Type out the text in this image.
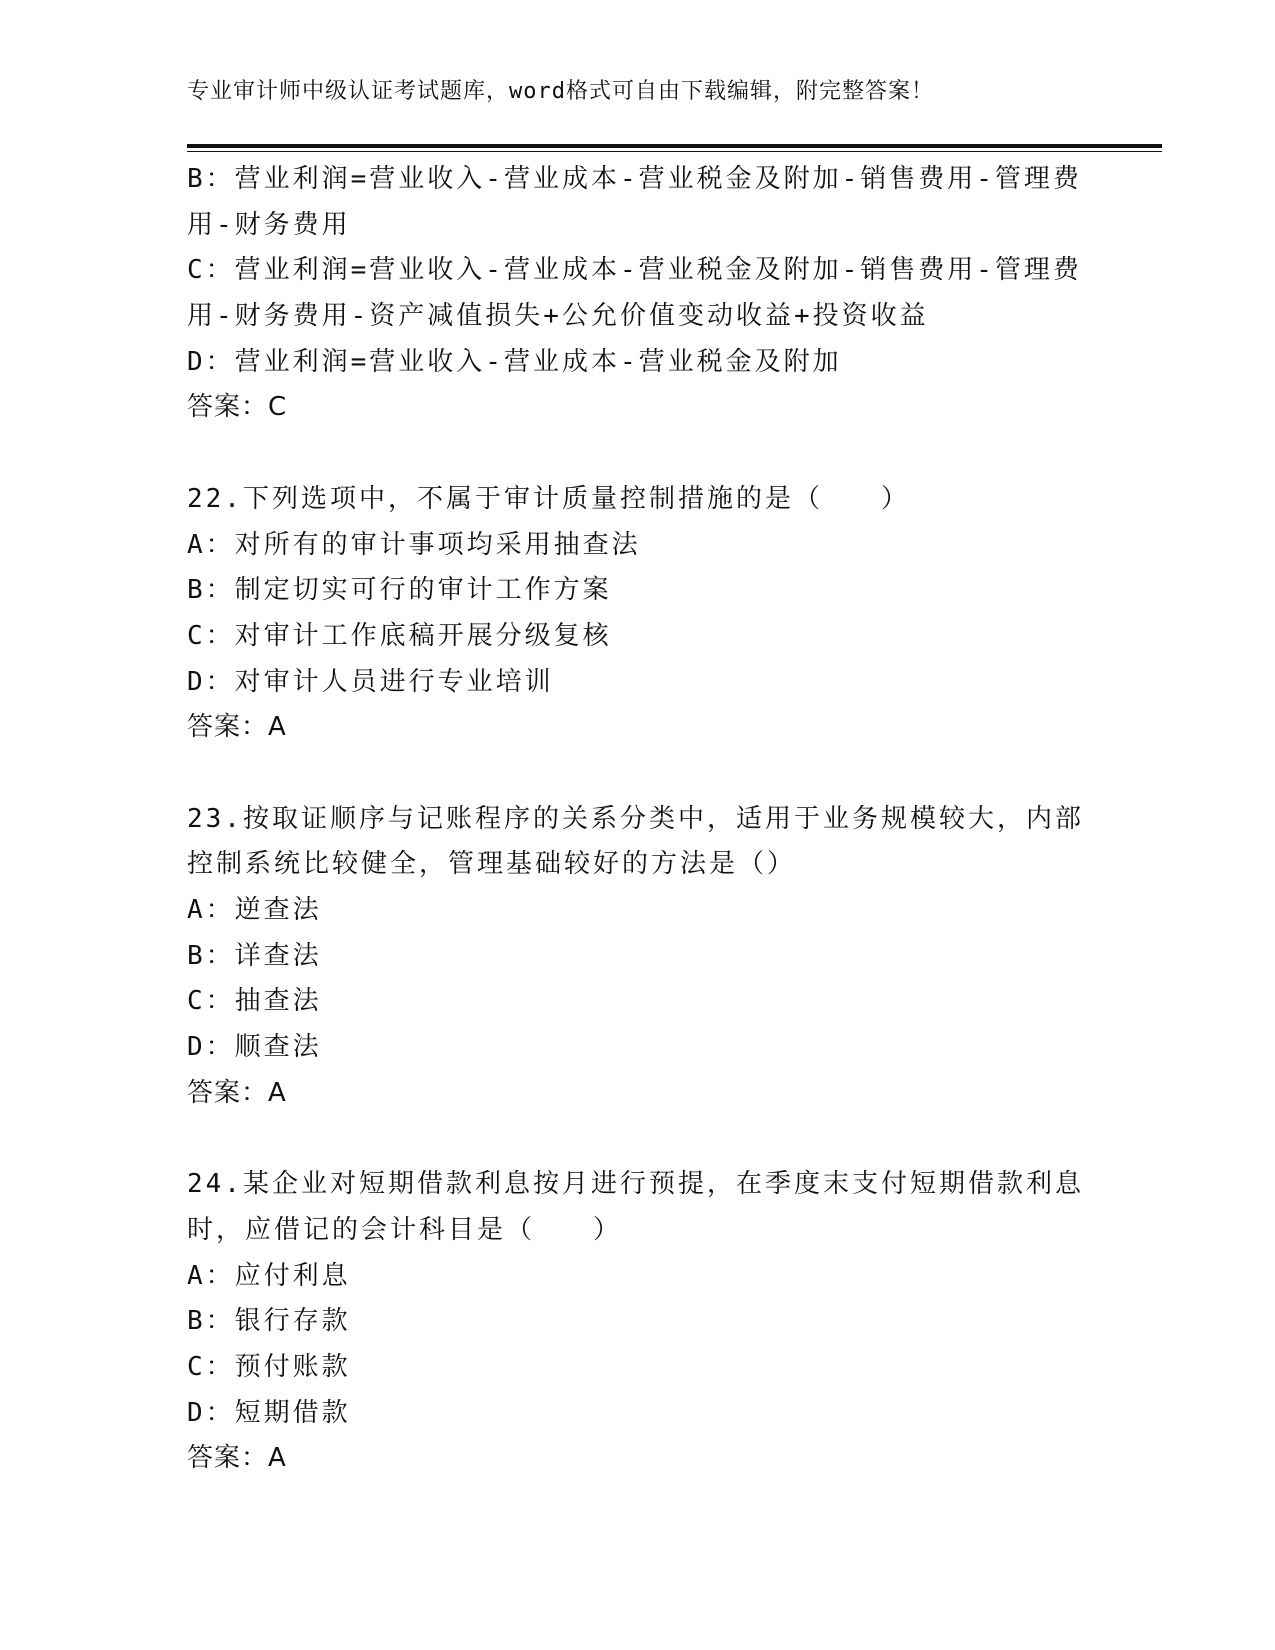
专业审计师中级认证考试题库，word格式可自由下载编辑，附完整答案！
B：营业利润=营业收入-营业成本-营业税金及附加-销售费用-管理费
用-财务费用
C：营业利润=营业收入-营业成本-营业税金及附加-销售费用-管理费
用-财务费用-资产减值损失+公允价值变动收益+投资收益
D：营业利润=营业收入-营业成本-营业税金及附加
答案：C
22.下列选项中，不属于审计质量控制措施的是（　　）
A：对所有的审计事项均采用抽查法
B：制定切实可行的审计工作方案
C：对审计工作底稿开展分级复核
D：对审计人员进行专业培训
答案：A
23.按取证顺序与记账程序的关系分类中，适用于业务规模较大，内部
控制系统比较健全，管理基础较好的方法是（）
A：逆查法
B：详查法
C：抽查法
D：顺查法
答案：A
24.某企业对短期借款利息按月进行预提，在季度末支付短期借款利息
时，应借记的会计科目是（　　）
A：应付利息
B：银行存款
C：预付账款
D：短期借款
答案：A
